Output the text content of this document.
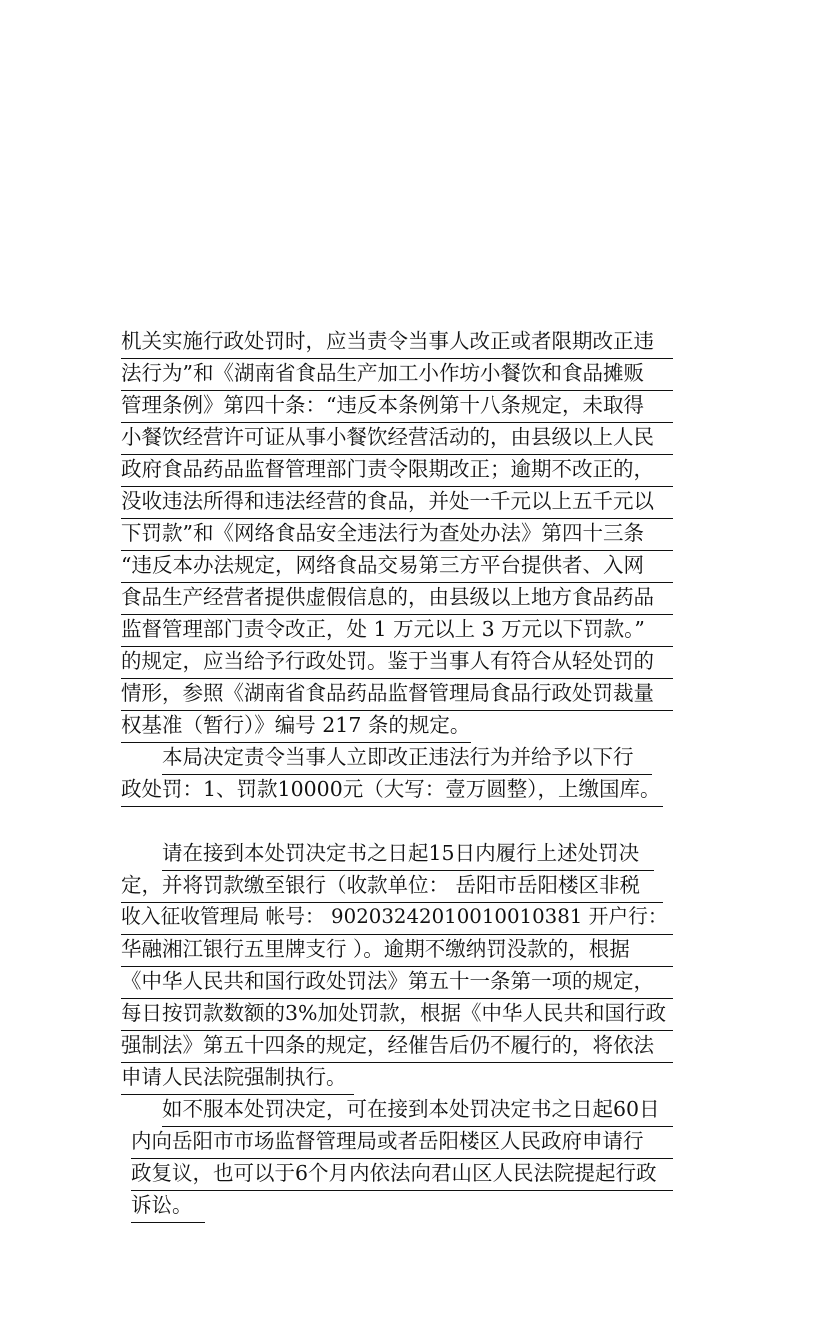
机关实施行政处罚时，应当责令当事人改正或者限期改正违
法行为”和《湖南省食品生产加工小作坊小餐饮和食品摊贩
管理条例》第四十条：“违反本条例第十八条规定，未取得
小餐饮经营许可证从事小餐饮经营活动的，由县级以上人民
政府食品药品监督管理部门责令限期改正；逾期不改正的，
没收违法所得和违法经营的食品，并处一千元以上五千元以
下罚款”和《网络食品安全违法行为查处办法》第四十三条
“违反本办法规定，网络食品交易第三方平台提供者、入网
食品生产经营者提供虚假信息的，由县级以上地方食品药品
监督管理部门责令改正，处 1 万元以上 3 万元以下罚款。”
的规定，应当给予行政处罚。鉴于当事人有符合从轻处罚的
情形，参照《湖南省食品药品监督管理局食品行政处罚裁量
权基准（暂行）》编号 217 条的规定。
本局决定责令当事人立即改正违法行为并给予以下行
政处罚：1、罚款10000元（大写：壹万圆整），上缴国库。
请在接到本处罚决定书之日起15日内履行上述处罚决
定，并将罚款缴至银行（收款单位： 岳阳市岳阳楼区非税
收入征收管理局 帐号： 90203242010010010381 开户行：
华融湘江银行五里牌支行 ）。逾期不缴纳罚没款的，根据
《中华人民共和国行政处罚法》第五十一条第一项的规定，
每日按罚款数额的3%加处罚款，根据《中华人民共和国行政
强制法》第五十四条的规定，经催告后仍不履行的，将依法
申请人民法院强制执行。
如不服本处罚决定，可在接到本处罚决定书之日起60日
内向岳阳市市场监督管理局或者岳阳楼区人民政府申请行
政复议，也可以于6个月内依法向君山区人民法院提起行政
诉讼。
